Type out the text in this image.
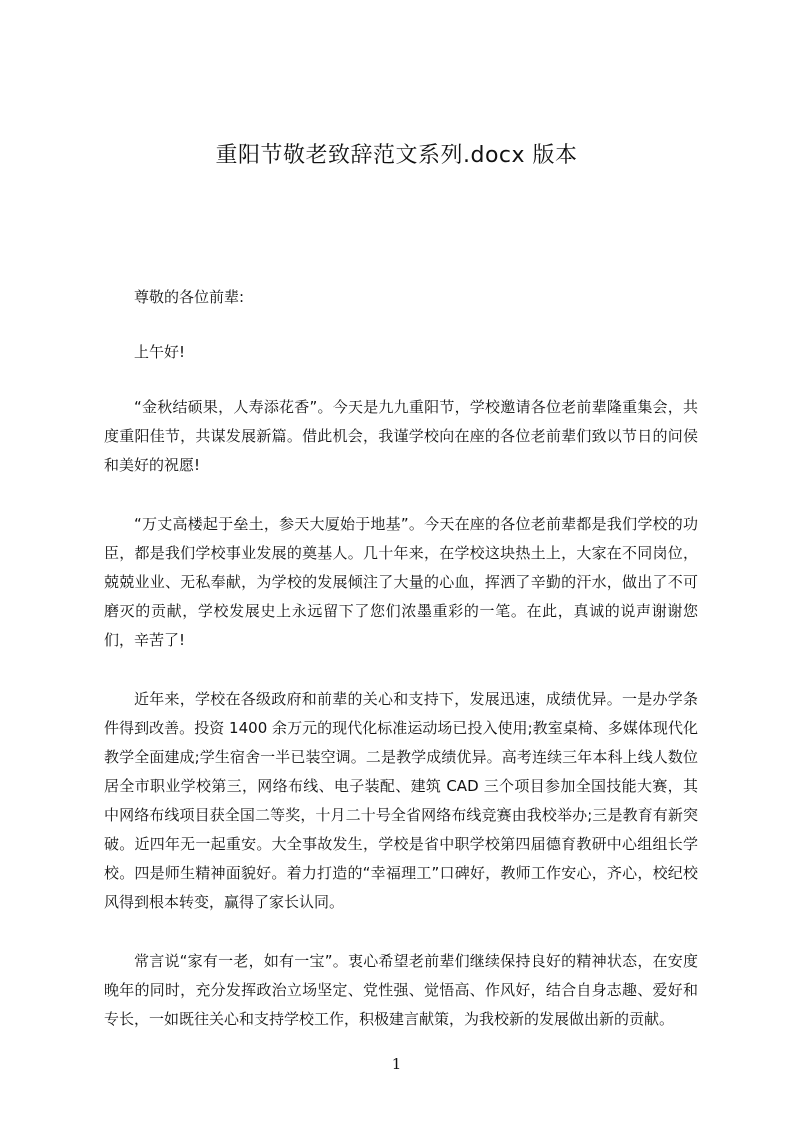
重阳节敬老致辞范文系列.docx 版本

尊敬的各位前辈:

上午好!

“金秋结硕果，人寿添花香”。今天是九九重阳节，学校邀请各位老前辈隆重集会，共度重阳佳节，共谋发展新篇。借此机会，我谨学校向在座的各位老前辈们致以节日的问侯和美好的祝愿!

“万丈高楼起于垒土，参天大厦始于地基”。今天在座的各位老前辈都是我们学校的功臣，都是我们学校事业发展的奠基人。几十年来，在学校这块热土上，大家在不同岗位，兢兢业业、无私奉献，为学校的发展倾注了大量的心血，挥洒了辛勤的汗水，做出了不可磨灭的贡献，学校发展史上永远留下了您们浓墨重彩的一笔。在此，真诚的说声谢谢您们，辛苦了!

近年来，学校在各级政府和前辈的关心和支持下，发展迅速，成绩优异。一是办学条件得到改善。投资 1400 余万元的现代化标准运动场已投入使用;教室桌椅、多媒体现代化教学全面建成;学生宿舍一半已装空调。二是教学成绩优异。高考连续三年本科上线人数位居全市职业学校第三，网络布线、电子装配、建筑 CAD 三个项目参加全国技能大赛，其中网络布线项目获全国二等奖，十月二十号全省网络布线竞赛由我校举办;三是教育有新突破。近四年无一起重安。大全事故发生，学校是省中职学校第四届德育教研中心组组长学校。四是师生精神面貌好。着力打造的“幸福理工”口碑好，教师工作安心，齐心，校纪校风得到根本转变，赢得了家长认同。

常言说“家有一老，如有一宝”。衷心希望老前辈们继续保持良好的精神状态，在安度晚年的同时，充分发挥政治立场坚定、党性强、觉悟高、作风好，结合自身志趣、爱好和专长，一如既往关心和支持学校工作，积极建言献策，为我校新的发展做出新的贡献。

1
